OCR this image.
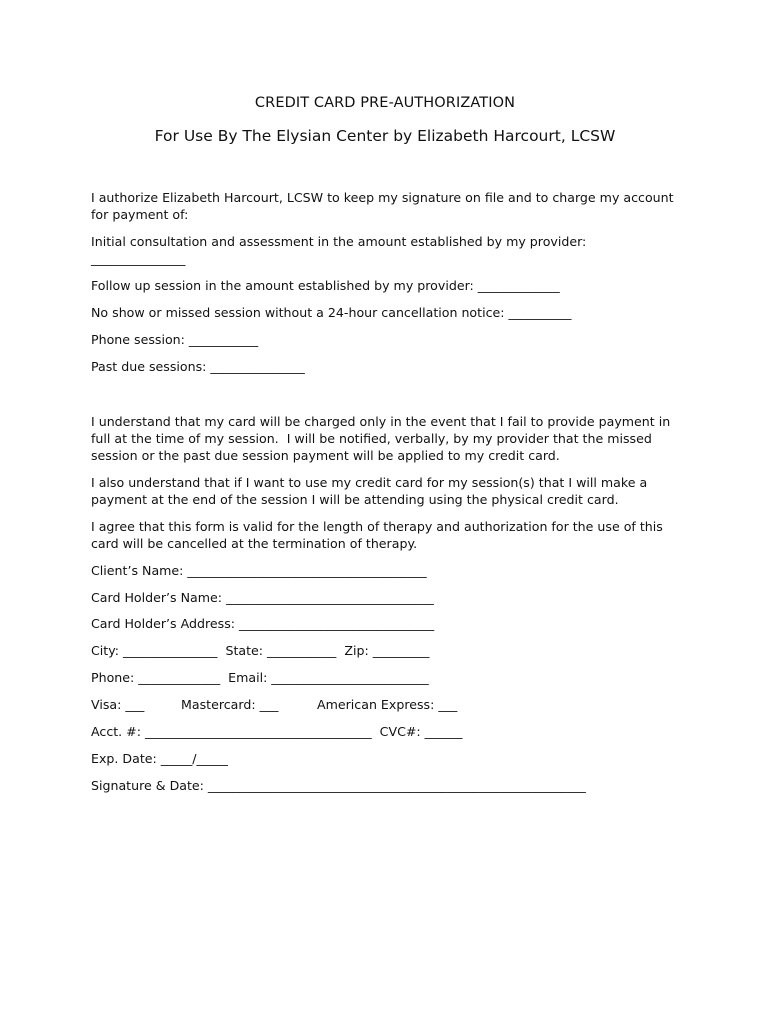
CREDIT CARD PRE-AUTHORIZATION
For Use By The Elysian Center by Elizabeth Harcourt, LCSW
I authorize Elizabeth Harcourt, LCSW to keep my signature on file and to charge my account
for payment of:
Initial consultation and assessment in the amount established by my provider:
_______________
Follow up session in the amount established by my provider: _____________
No show or missed session without a 24-hour cancellation notice: __________
Phone session: ___________
Past due sessions: _______________
I understand that my card will be charged only in the event that I fail to provide payment in
full at the time of my session.  I will be notified, verbally, by my provider that the missed
session or the past due session payment will be applied to my credit card.
I also understand that if I want to use my credit card for my session(s) that I will make a
payment at the end of the session I will be attending using the physical credit card.
I agree that this form is valid for the length of therapy and authorization for the use of this
card will be cancelled at the termination of therapy.
Client’s Name: ______________________________________
Card Holder’s Name: _________________________________
Card Holder’s Address: _______________________________
City: _______________  State: ___________  Zip: _________
Phone: _____________  Email: _________________________
Visa: ___	Mastercard: ___	American Express: ___
Acct. #: ____________________________________  CVC#: ______
Exp. Date: _____/_____
Signature & Date: ____________________________________________________________
